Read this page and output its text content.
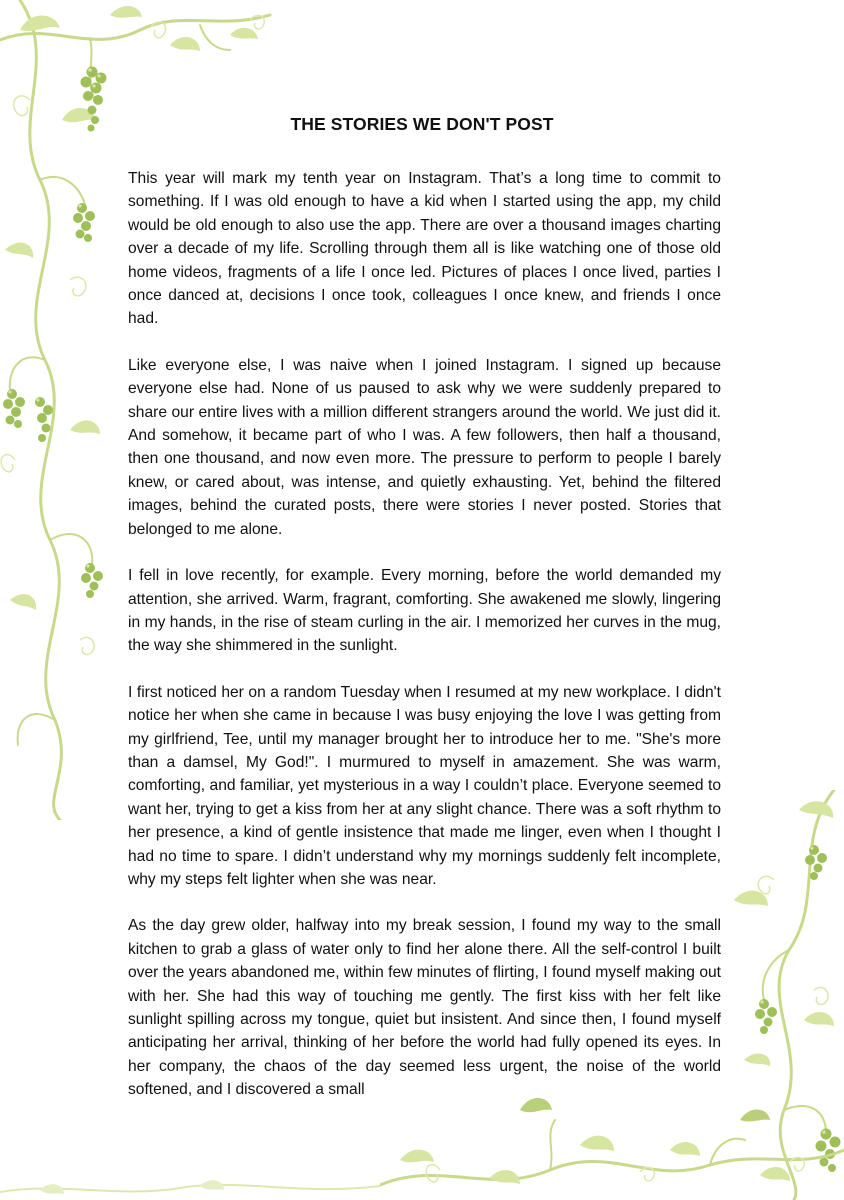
THE STORIES WE DON'T POST

This year will mark my tenth year on Instagram. That’s a long time to commit to something. If I was old enough to have a kid when I started using the app, my child would be old enough to also use the app. There are over a thousand images charting over a decade of my life. Scrolling through them all is like watching one of those old home videos, fragments of a life I once led. Pictures of places I once lived, parties I once danced at, decisions I once took, colleagues I once knew, and friends I once had.

Like everyone else, I was naive when I joined Instagram. I signed up because everyone else had. None of us paused to ask why we were suddenly prepared to share our entire lives with a million different strangers around the world. We just did it. And somehow, it became part of who I was. A few followers, then half a thousand, then one thousand, and now even more. The pressure to perform to people I barely knew, or cared about, was intense, and quietly exhausting. Yet, behind the filtered images, behind the curated posts, there were stories I never posted. Stories that belonged to me alone.

I fell in love recently, for example. Every morning, before the world demanded my attention, she arrived. Warm, fragrant, comforting. She awakened me slowly, lingering in my hands, in the rise of steam curling in the air. I memorized her curves in the mug, the way she shimmered in the sunlight.

I first noticed her on a random Tuesday when I resumed at my new workplace. I didn't notice her when she came in because I was busy enjoying the love I was getting from my girlfriend, Tee, until my manager brought her to introduce her to me. "She's more than a damsel, My God!". I murmured to myself in amazement. She was warm, comforting, and familiar, yet mysterious in a way I couldn’t place. Everyone seemed to want her, trying to get a kiss from her at any slight chance. There was a soft rhythm to her presence, a kind of gentle insistence that made me linger, even when I thought I had no time to spare. I didn’t understand why my mornings suddenly felt incomplete, why my steps felt lighter when she was near.

As the day grew older, halfway into my break session, I found my way to the small kitchen to grab a glass of water only to find her alone there. All the self-control I built over the years abandoned me, within few minutes of flirting, I found myself making out with her. She had this way of touching me gently. The first kiss with her felt like sunlight spilling across my tongue, quiet but insistent. And since then, I found myself anticipating her arrival, thinking of her before the world had fully opened its eyes. In her company, the chaos of the day seemed less urgent, the noise of the world softened, and I discovered a small
